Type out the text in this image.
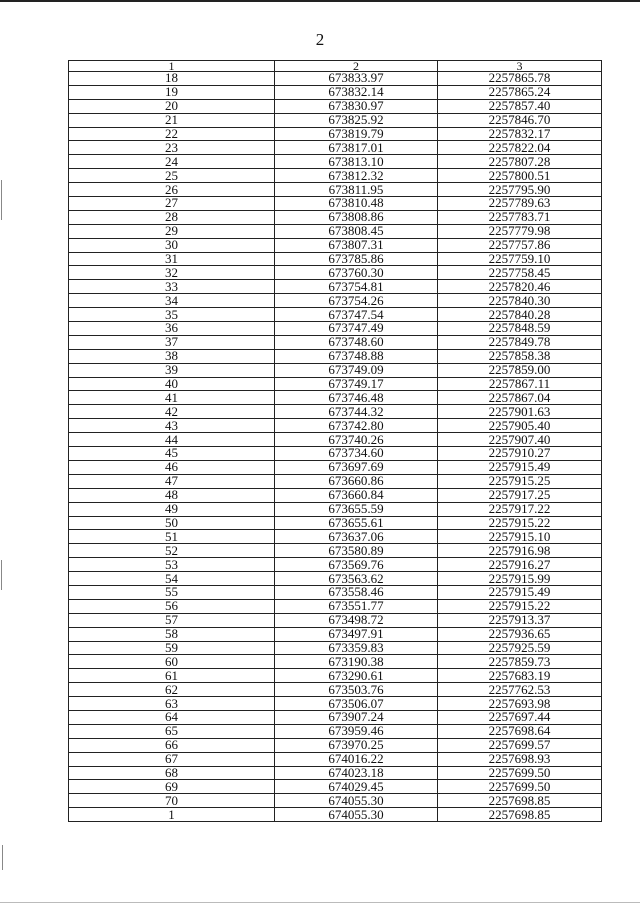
2
1	2	3
18	673833.97	2257865.78
19	673832.14	2257865.24
20	673830.97	2257857.40
21	673825.92	2257846.70
22	673819.79	2257832.17
23	673817.01	2257822.04
24	673813.10	2257807.28
25	673812.32	2257800.51
26	673811.95	2257795.90
27	673810.48	2257789.63
28	673808.86	2257783.71
29	673808.45	2257779.98
30	673807.31	2257757.86
31	673785.86	2257759.10
32	673760.30	2257758.45
33	673754.81	2257820.46
34	673754.26	2257840.30
35	673747.54	2257840.28
36	673747.49	2257848.59
37	673748.60	2257849.78
38	673748.88	2257858.38
39	673749.09	2257859.00
40	673749.17	2257867.11
41	673746.48	2257867.04
42	673744.32	2257901.63
43	673742.80	2257905.40
44	673740.26	2257907.40
45	673734.60	2257910.27
46	673697.69	2257915.49
47	673660.86	2257915.25
48	673660.84	2257917.25
49	673655.59	2257917.22
50	673655.61	2257915.22
51	673637.06	2257915.10
52	673580.89	2257916.98
53	673569.76	2257916.27
54	673563.62	2257915.99
55	673558.46	2257915.49
56	673551.77	2257915.22
57	673498.72	2257913.37
58	673497.91	2257936.65
59	673359.83	2257925.59
60	673190.38	2257859.73
61	673290.61	2257683.19
62	673503.76	2257762.53
63	673506.07	2257693.98
64	673907.24	2257697.44
65	673959.46	2257698.64
66	673970.25	2257699.57
67	674016.22	2257698.93
68	674023.18	2257699.50
69	674029.45	2257699.50
70	674055.30	2257698.85
1	674055.30	2257698.85
